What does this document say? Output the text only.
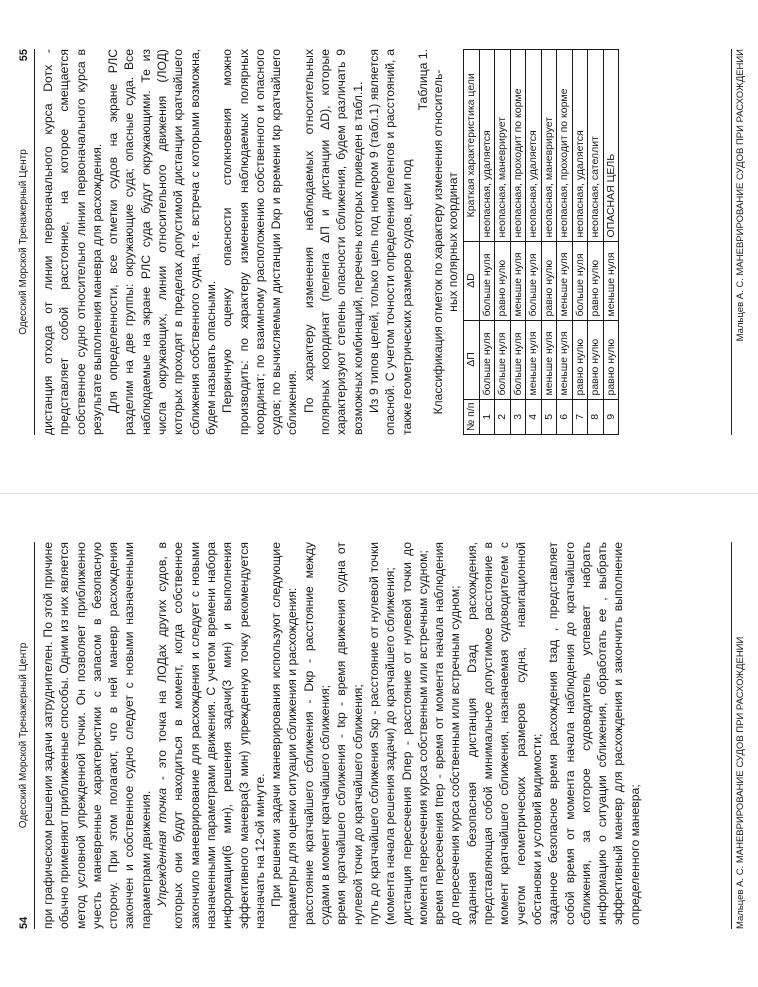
54
Одесский Морской Тренажерный Центр при графическом решении задачи затруднителен. По этой причине обычно применяют приближенные способы. Одним из них является метод условной упрежденной точки. Он позволяет приближенно учесть маневренные характеристики с запасом в безопасную сторону. При этом полагают, что в ней маневр расхождения закончен и собственное судно следует с новыми назначенными параметрами движения. Упрежденная точка - это точка на ЛОДах других судов, в которых они будут находиться в момент, когда собственное закончило маневрирование для расхождения и следует с новыми назначенными параметрами движения. С учетом времени набора информации(6 мин), решения задачи(3 мин) и выполнения эффективного маневра(3 мин) упрежденную точку рекомендуется назначать на 12-ой минуте. При решении задачи маневрирования используют следующие параметры для оценки ситуации сближения и расхождения: расстояние кратчайшего сближения - Dкр - расстояние между судами в момент кратчайшего сближения; время кратчайшего сближения - tкр - время движения судна от нулевой точки до кратчайшего сближения; путь до кратчайшего сближения Sкр - расстояние от нулевой точки (момента начала решения задачи) до кратчайшего сближения; дистанция пересечения Dпер - расстояние от нулевой точки до момента пересечения курса собственным или встречным судном; время пересечения tпер - время от момента начала наблюдения до пересечения курса собственным или встречным судном; заданная безопасная дистанция Dзад расхождения, представляющая собой минимальное допустимое расстояние в момент кратчайшего сближения, назначаемая судоводителем с учетом геометрических размеров судна, навигационной обстановки и условий видимости; заданное безопасное время расхождения tзад , представляет собой время от момента начала наблюдения до кратчайшего сближения, за которое судоводитель успевает набрать информацию о ситуации сближения, обработать ее , выбрать эффективный маневр для расхождения и закончить выполнение определенного маневра;	Мальцев А. С. МАНЕВРИРОВАНИЕ СУДОВ ПРИ РАСХОЖДЕНИИ
Одесский Морской Тренажерный Центр
55 дистанция отхода от линии первоначального курса Dотх - представляет собой расстояние, на которое смещается собственное судно относительно линии первоначального курса в результате выполнения маневра для расхождения. Для определенности, все отметки судов на экране РЛС разделим на две группы: окружающие суда; опасные суда. Все наблюдаемые на экране РЛС суда будут окружающими. Те из числа окружающих, линии относительного движения (ЛОД) которых проходят в пределах допустимой дистанции кратчайшего сближения собственного судна, т.е. встреча с которыми возможна, будем называть опасными. Первичную оценку опасности столкновения можно производить: по характеру изменения наблюдаемых полярных координат; по взаимному расположению собственного и опасного судов; по вычисляемым дистанции Dкр и времени tкр кратчайшего сближения. По характеру изменения наблюдаемых относительных полярных координат (пеленга ΔП и дистанции ΔD), которые характеризуют степень опасности сближения, будем различать 9 возможных комбинаций, перечень которых приведен в табл.1. Из 9 типов целей, только цель под номером 9 (табл.1) является опасной. С учетом точности определения пеленгов и расстояний, а также геометрических размеров судов, цели под

Таблица 1. Классификация отметок по характеру изменения относитель-
ных полярных координат

№ п/п	ΔП	ΔD	Краткая характеристика цели
1	больше нуля	больше нуля	неопасная, удаляется
2	больше нуля	равно нулю	неопасная, маневрирует
3	больше нуля	меньше нуля	неопасная, проходит по корме
4	меньше нуля	больше нуля	неопасная, удаляется
5	меньше нуля	равно нулю	неопасная, маневрирует
6	меньше нуля	меньше нуля	неопасная, проходит по корме
7	равно нулю	больше нуля	неопасная, удаляется
8	равно нулю	равно нулю	неопасная, сателлит
9	равно нулю	меньше нуля	ОПАСНАЯ ЦЕЛЬ	Мальцев А. С. МАНЕВРИРОВАНИЕ СУДОВ ПРИ РАСХОЖДЕНИИ
